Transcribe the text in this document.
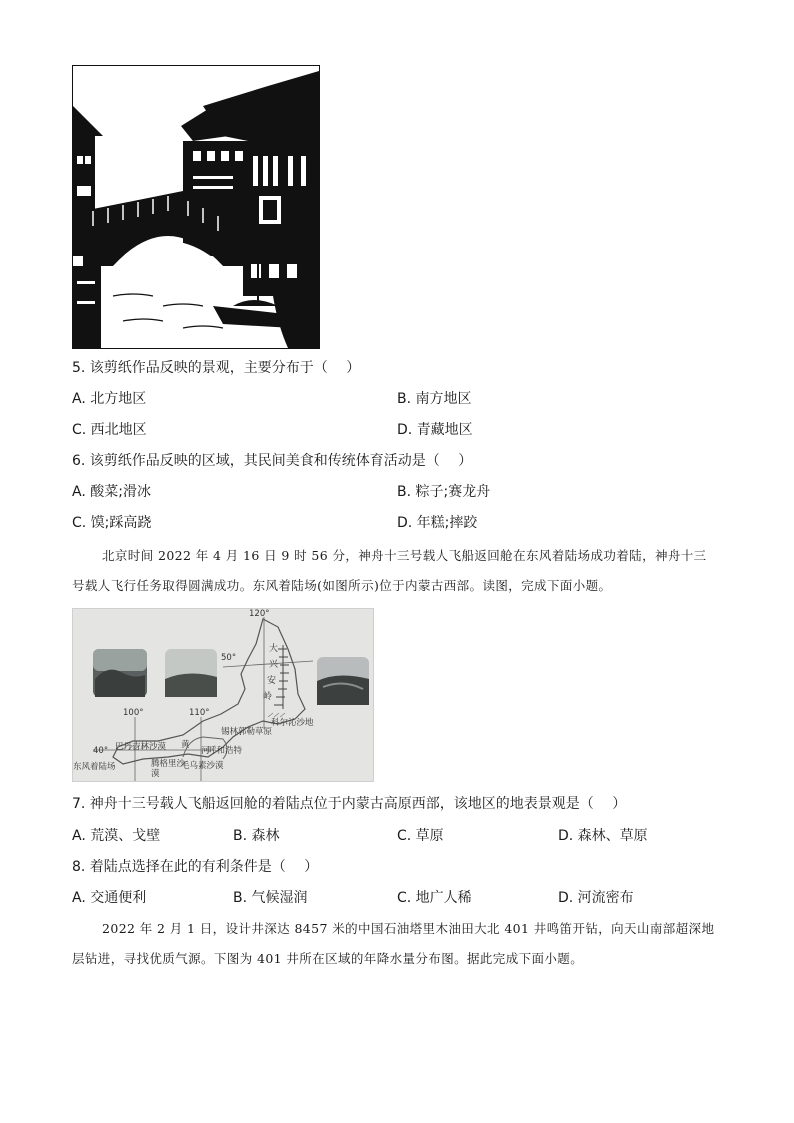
5. 该剪纸作品反映的景观，主要分布于（　 ）
A. 北方地区	B. 南方地区
C. 西北地区	D. 青藏地区
6. 该剪纸作品反映的区域，其民间美食和传统体育活动是（　 ）
A. 酸菜;滑冰	B. 粽子;赛龙舟
C. 馍;踩高跷	D. 年糕;摔跤
北京时间 2022 年 4 月 16 日 9 时 56 分，神舟十三号载人飞船返回舱在东风着陆场成功着陆，神舟十三
号载人飞行任务取得圆满成功。东风着陆场(如图所示)位于内蒙古西部。读图，完成下面小题。
120°
50°
大
兴
安
岭
科尔沁沙地
100°	110°
锡林郭勒草原
40° 巴丹吉林沙漠 黄
河
呼和浩特
毛乌素沙漠
腾格里沙漠
东风着陆场
7. 神舟十三号载人飞船返回舱的着陆点位于内蒙古高原西部，该地区的地表景观是（　 ）
A. 荒漠、戈壁	B. 森林	C. 草原	D. 森林、草原
8. 着陆点选择在此的有利条件是（　 ）
A. 交通便利	B. 气候湿润	C. 地广人稀	D. 河流密布
2022 年 2 月 1 日，设计井深达 8457 米的中国石油塔里木油田大北 401 井鸣笛开钻，向天山南部超深地
层钻进，寻找优质气源。下图为 401 井所在区域的年降水量分布图。据此完成下面小题。
